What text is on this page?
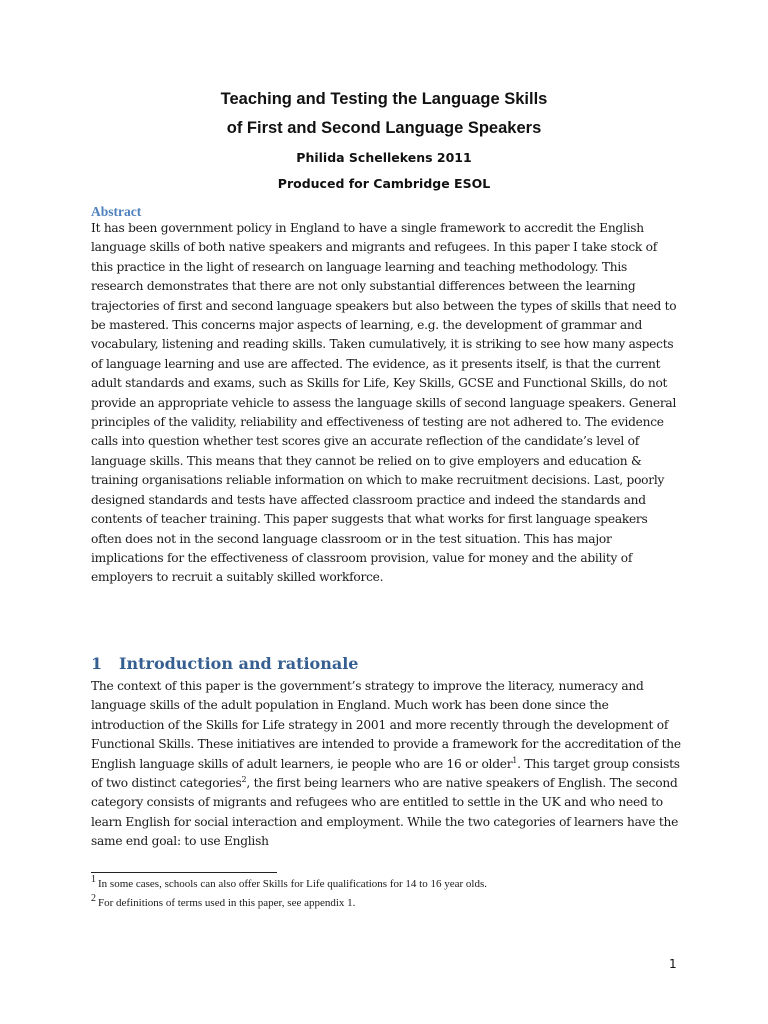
Teaching and Testing the Language Skills
of First and Second Language Speakers
Philida Schellekens 2011
Produced for Cambridge ESOL
Abstract
It has been government policy in England to have a single framework to accredit the English language skills of both native speakers and migrants and refugees. In this paper I take stock of this practice in the light of research on language learning and teaching methodology. This research demonstrates that there are not only substantial differences between the learning trajectories of first and second language speakers but also between the types of skills that need to be mastered. This concerns major aspects of learning, e.g. the development of grammar and vocabulary, listening and reading skills. Taken cumulatively, it is striking to see how many aspects of language learning and use are affected. The evidence, as it presents itself, is that the current adult standards and exams, such as Skills for Life, Key Skills, GCSE and Functional Skills, do not provide an appropriate vehicle to assess the language skills of second language speakers. General principles of the validity, reliability and effectiveness of testing are not adhered to. The evidence calls into question whether test scores give an accurate reflection of the candidate’s level of language skills. This means that they cannot be relied on to give employers and education & training organisations reliable information on which to make recruitment decisions. Last, poorly designed standards and tests have affected classroom practice and indeed the standards and contents of teacher training. This paper suggests that what works for first language speakers often does not in the second language classroom or in the test situation. This has major implications for the effectiveness of classroom provision, value for money and the ability of employers to recruit a suitably skilled workforce.
1 Introduction and rationale
The context of this paper is the government’s strategy to improve the literacy, numeracy and language skills of the adult population in England. Much work has been done since the introduction of the Skills for Life strategy in 2001 and more recently through the development of Functional Skills. These initiatives are intended to provide a framework for the accreditation of the English language skills of adult learners, ie people who are 16 or older$^1$. This target group consists of two distinct categories$^2$, the first being learners who are native speakers of English. The second category consists of migrants and refugees who are entitled to settle in the UK and who need to learn English for social interaction and employment. While the two categories of learners have the same end goal: to use English
1 In some cases, schools can also offer Skills for Life qualifications for 14 to 16 year olds.
2 For definitions of terms used in this paper, see appendix 1.
1
